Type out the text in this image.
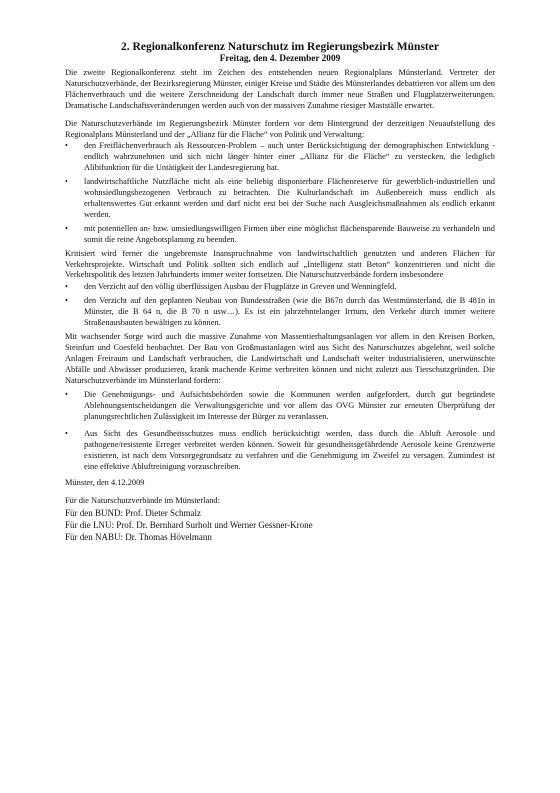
2. Regionalkonferenz Naturschutz im Regierungsbezirk Münster
Freitag, den 4. Dezember 2009

Die zweite Regionalkonferenz steht im Zeichen des entstehenden neuen Regionalplans Münsterland. Vertreter der Naturschutzverbände, der Bezirksregierung Münster, einiger Kreise und Städte des Münsterlandes debattieren vor allem um den Flächenverbrauch und die weitere Zerschneidung der Landschaft durch immer neue Straßen und Flugplatzerweiterungen. Dramatische Landschaftsveränderungen werden auch von der massiven Zunahme riesiger Mastställe erwartet.

Die Naturschutzverbände im Regierungsbezirk Münster fordern vor dem Hintergrund der derzeitigen Neuaufstellung des Regionalplans Münsterland und der „Allianz für die Fläche“ von Politik und Verwaltung:

• den Freiflächenverbrauch als Ressourcen-Problem – auch unter Berücksichtigung der demographischen Entwicklung - endlich wahrzunehmen und sich nicht länger hinter einer „Allianz für die Fläche“ zu verstecken, die lediglich Alibifunktion für die Untätigkeit der Landesregierung hat.
• landwirtschaftliche Nutzfläche nicht als eine beliebig disponierbare Flächenreserve für gewerblich-industriellen und wohnsiedlungsbezogenen Verbrauch zu betrachten. Die Kulturlandschaft im Außenbereich muss endlich als erhaltenswertes Gut erkannt werden und darf nicht erst bei der Suche nach Ausgleichsmaßnahmen als endlich erkannt werden.
• mit potentiellen an- bzw. umsiedlungswilligen Firmen über eine möglichst flächensparende Bauweise zu verhandeln und somit die reine Angebotsplanung zu beenden.

Kritisiert wird ferner die ungebremste Inanspruchnahme von landwirtschaftlich genutzten und anderen Flächen für Verkehrsprojekte. Wirtschaft und Politik sollten sich endlich auf „Intelligenz statt Beton“ konzentrieren und nicht die Verkehrspolitik des letzten Jahrhunderts immer weiter fortsetzen. Die Naturschutzverbände fordern insbesondere

• den Verzicht auf den völlig überflüssigen Ausbau der Flugplätze in Greven und Wenningfeld,
• den Verzicht auf den geplanten Neubau von Bundesstraßen (wie die B67n durch das Westmünsterland, die B 481n in Münster, die B 64 n, die B 70 n usw…). Es ist ein jahrzehntelanger Irrtum, den Verkehr durch immer weitere Straßenausbauten bewältigen zu können.

Mit wachsender Sorge wird auch die massive Zunahme von Massentierhaltungsanlagen vor allem in den Kreisen Borken, Steinfurt und Coesfeld beobachtet. Der Bau von Großmastanlagen wird aus Sicht des Naturschutzes abgelehnt, weil solche Anlagen Freiraum und Landschaft verbrauchen, die Landwirtschaft und Landschaft weiter industrialisieren, unerwünschte Abfälle und Abwässer produzieren, krank machende Keime verbreiten können und nicht zuletzt aus Tierschutzgründen. Die Naturschutzverbände im Münsterland fordern:

• Die Genehmigungs- und Aufsichtsbehörden sowie die Kommunen werden aufgefordert, durch gut begründete Ablehnungsentscheidungen die Verwaltungsgerichte und vor allem das OVG Münster zur erneuten Überprüfung der planungsrechtlichen Zulässigkeit im Interesse der Bürger zu veranlassen.
• Aus Sicht des Gesundheitsschutzes muss endlich berücksichtigt werden, dass durch die Abluft Aerosole und pathogene/resistente Erreger verbreitet werden können. Soweit für gesundheitsgefährdende Aerosole keine Grenzwerte existieren, ist nach dem Vorsorgegrundsatz zu verfahren und die Genehmigung im Zweifel zu versagen. Zumindest ist eine effektive Abluftreinigung vorzuschreiben.

Münster, den 4.12.2009

Für die Naturschutzverbände im Münsterland:

Für den BUND: Prof. Dieter Schmalz

Für die LNU: Prof. Dr. Bernhard Surholt und Werner Gessner-Krone

Für den NABU: Dr. Thomas Hövelmann
